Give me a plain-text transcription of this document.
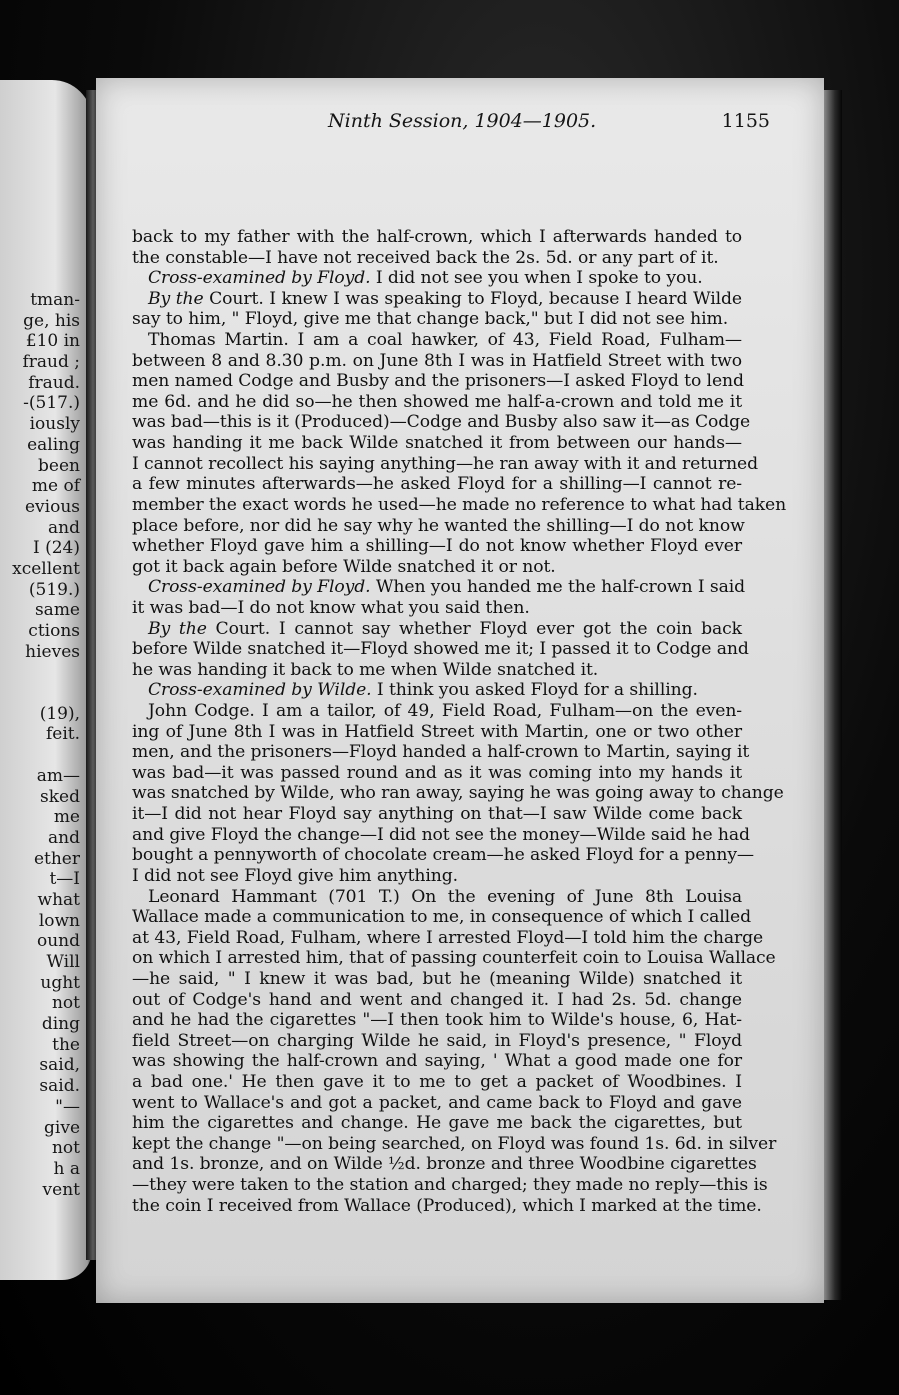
tman-
ge, his
£10 in
fraud ;
fraud.
-(517.)
iously
ealing
been
me of
evious
and
I (24)
xcellent
(519.)
same
ctions
hieves
(19),
feit.
am—
sked
me
and
ether
t—I
what
lown
ound
Will
ught
not
ding
the
said,
said.
"—
give
not
h a
vent
Ninth Session, 1904—1905.	1155
back to my father with the half-crown, which I afterwards handed to
the constable—I have not received back the 2s. 5d. or any part of it.
Cross-examined by Floyd. I did not see you when I spoke to you.
By the Court. I knew I was speaking to Floyd, because I heard Wilde
say to him, " Floyd, give me that change back," but I did not see him.
Thomas Martin. I am a coal hawker, of 43, Field Road, Fulham—
between 8 and 8.30 p.m. on June 8th I was in Hatfield Street with two
men named Codge and Busby and the prisoners—I asked Floyd to lend
me 6d. and he did so—he then showed me half-a-crown and told me it
was bad—this is it (Produced)—Codge and Busby also saw it—as Codge
was handing it me back Wilde snatched it from between our hands—
I cannot recollect his saying anything—he ran away with it and returned
a few minutes afterwards—he asked Floyd for a shilling—I cannot re-
member the exact words he used—he made no reference to what had taken
place before, nor did he say why he wanted the shilling—I do not know
whether Floyd gave him a shilling—I do not know whether Floyd ever
got it back again before Wilde snatched it or not.
Cross-examined by Floyd. When you handed me the half-crown I said
it was bad—I do not know what you said then.
By the Court. I cannot say whether Floyd ever got the coin back
before Wilde snatched it—Floyd showed me it; I passed it to Codge and
he was handing it back to me when Wilde snatched it.
Cross-examined by Wilde. I think you asked Floyd for a shilling.
John Codge. I am a tailor, of 49, Field Road, Fulham—on the even-
ing of June 8th I was in Hatfield Street with Martin, one or two other
men, and the prisoners—Floyd handed a half-crown to Martin, saying it
was bad—it was passed round and as it was coming into my hands it
was snatched by Wilde, who ran away, saying he was going away to change
it—I did not hear Floyd say anything on that—I saw Wilde come back
and give Floyd the change—I did not see the money—Wilde said he had
bought a pennyworth of chocolate cream—he asked Floyd for a penny—
I did not see Floyd give him anything.
Leonard Hammant (701 T.) On the evening of June 8th Louisa
Wallace made a communication to me, in consequence of which I called
at 43, Field Road, Fulham, where I arrested Floyd—I told him the charge
on which I arrested him, that of passing counterfeit coin to Louisa Wallace
—he said, " I knew it was bad, but he (meaning Wilde) snatched it
out of Codge's hand and went and changed it. I had 2s. 5d. change
and he had the cigarettes "—I then took him to Wilde's house, 6, Hat-
field Street—on charging Wilde he said, in Floyd's presence, " Floyd
was showing the half-crown and saying, ' What a good made one for
a bad one.' He then gave it to me to get a packet of Woodbines. I
went to Wallace's and got a packet, and came back to Floyd and gave
him the cigarettes and change. He gave me back the cigarettes, but
kept the change "—on being searched, on Floyd was found 1s. 6d. in silver
and 1s. bronze, and on Wilde ½d. bronze and three Woodbine cigarettes
—they were taken to the station and charged; they made no reply—this is
the coin I received from Wallace (Produced), which I marked at the time.
